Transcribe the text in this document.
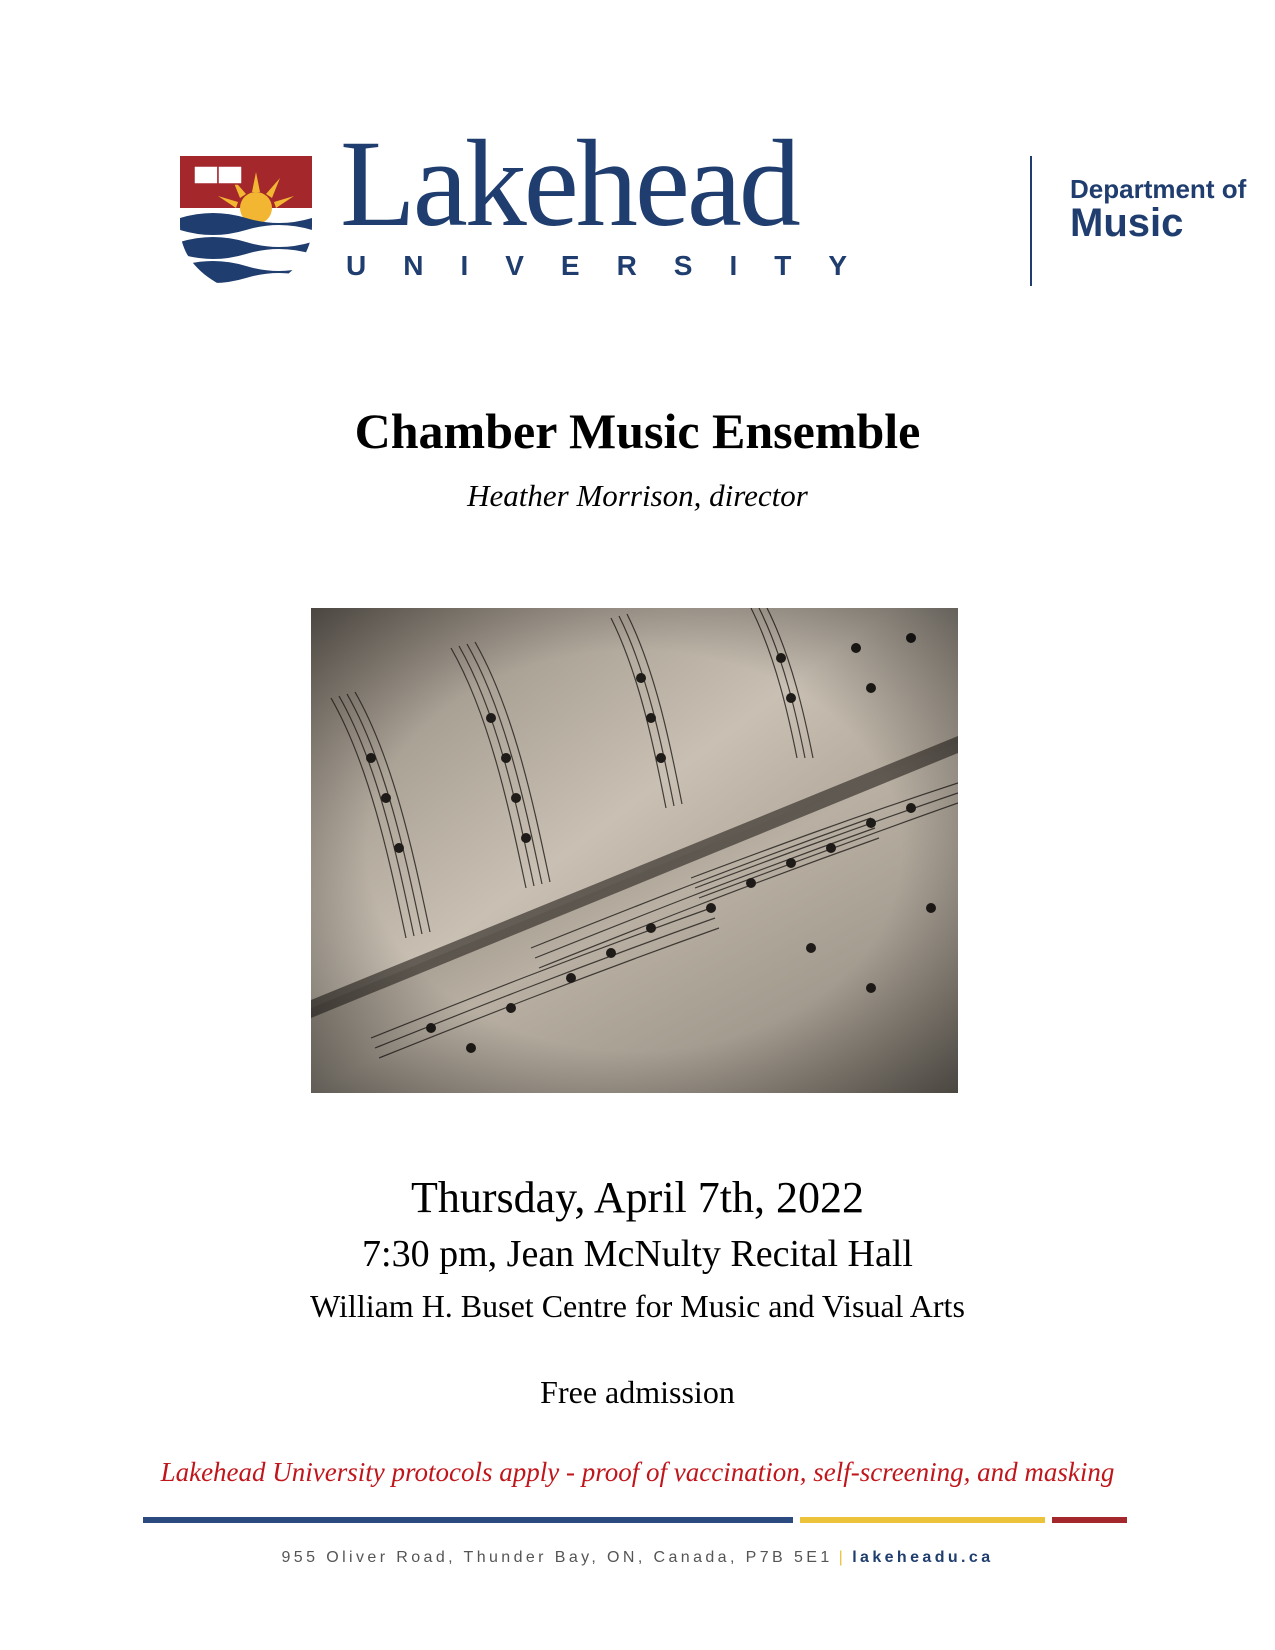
Lakehead
UNIVERSITY
Department of
Music
Chamber Music Ensemble
Heather Morrison, director
Thursday, April 7th, 2022
7:30 pm, Jean McNulty Recital Hall
William H. Buset Centre for Music and Visual Arts
Free admission
Lakehead University protocols apply - proof of vaccination, self-screening, and masking
955 Oliver Road, Thunder Bay, ON, Canada, P7B 5E1 | lakeheadu.ca
